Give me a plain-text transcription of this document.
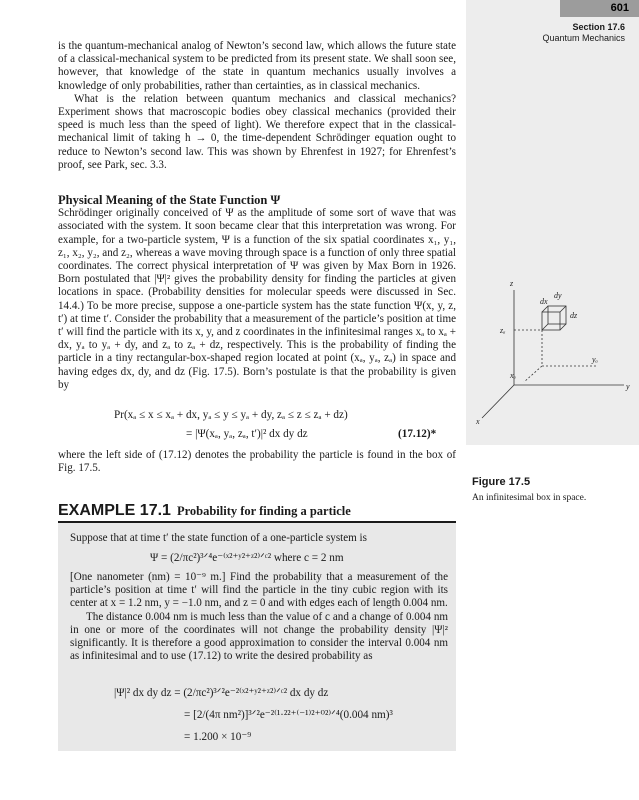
601
Section 17.6
Quantum Mechanics

is the quantum-mechanical analog of Newton’s second law, which allows the future state of a classical-mechanical system to be predicted from its present state. We shall soon see, however, that knowledge of the state in quantum mechanics usually involves a knowledge of only probabilities, rather than certainties, as in classical mechanics.

What is the relation between quantum mechanics and classical mechanics? Experiment shows that macroscopic bodies obey classical mechanics (provided their speed is much less than the speed of light). We therefore expect that in the classical-mechanical limit of taking h → 0, the time-dependent Schrödinger equation ought to reduce to Newton’s second law. This was shown by Ehrenfest in 1927; for Ehrenfest’s proof, see Park, sec. 3.3.

Physical Meaning of the State Function Ψ

Schrödinger originally conceived of Ψ as the amplitude of some sort of wave that was associated with the system. It soon became clear that this interpretation was wrong. For example, for a two-particle system, Ψ is a function of the six spatial coordinates x₁, y₁, z₁, x₂, y₂, and z₂, whereas a wave moving through space is a function of only three spatial coordinates. The correct physical interpretation of Ψ was given by Max Born in 1926. Born postulated that |Ψ|² gives the probability density for finding the particles at given locations in space. (Probability densities for molecular speeds were discussed in Sec. 14.4.) To be more precise, suppose a one-particle system has the state function Ψ(x, y, z, t′) at time t′. Consider the probability that a measurement of the particle’s position at time t′ will find the particle with its x, y, and z coordinates in the infinitesimal ranges xₐ to xₐ + dx, yₐ to yₐ + dy, and zₐ to zₐ + dz, respectively. This is the probability of finding the particle in a tiny rectangular-box-shaped region located at point (xₐ, yₐ, zₐ) in space and having edges dx, dy, and dz (Fig. 17.5). Born’s postulate is that the probability is given by

Pr(xₐ ≤ x ≤ xₐ + dx, yₐ ≤ y ≤ yₐ + dy, zₐ ≤ z ≤ zₐ + dz)
= |Ψ(xₐ, yₐ, zₐ, t′)|² dx dy dz	(17.12)*

where the left side of (17.12) denotes the probability the particle is found in the box of Fig. 17.5.

z
y
x
zₐ
yₐ
xₐ
dx
dy
dz
Figure 17.5
An infinitesimal box in space.
EXAMPLE 17.1 Probability for finding a particle

Suppose that at time t′ the state function of a one-particle system is

Ψ = (2/πc²)³ᐟ⁴e⁻⁽ˣ²⁺ʸ²⁺ᶻ²⁾ᐟᶜ² where c = 2 nm

[One nanometer (nm) = 10⁻⁹ m.] Find the probability that a measurement of the particle’s position at time t′ will find the particle in the tiny cubic region with its center at x = 1.2 nm, y = −1.0 nm, and z = 0 and with edges each of length 0.004 nm.

The distance 0.004 nm is much less than the value of c and a change of 0.004 nm in one or more of the coordinates will not change the probability density |Ψ|² significantly. It is therefore a good approximation to consider the interval 0.004 nm as infinitesimal and to use (17.12) to write the desired probability as

|Ψ|² dx dy dz = (2/πc²)³ᐟ²e⁻²⁽ˣ²⁺ʸ²⁺ᶻ²⁾ᐟᶜ² dx dy dz
= [2/(4π nm²)]³ᐟ²e⁻²⁽¹·²²⁺⁽⁻¹⁾²⁺⁰²⁾ᐟ⁴(0.004 nm)³
= 1.200 × 10⁻⁹
